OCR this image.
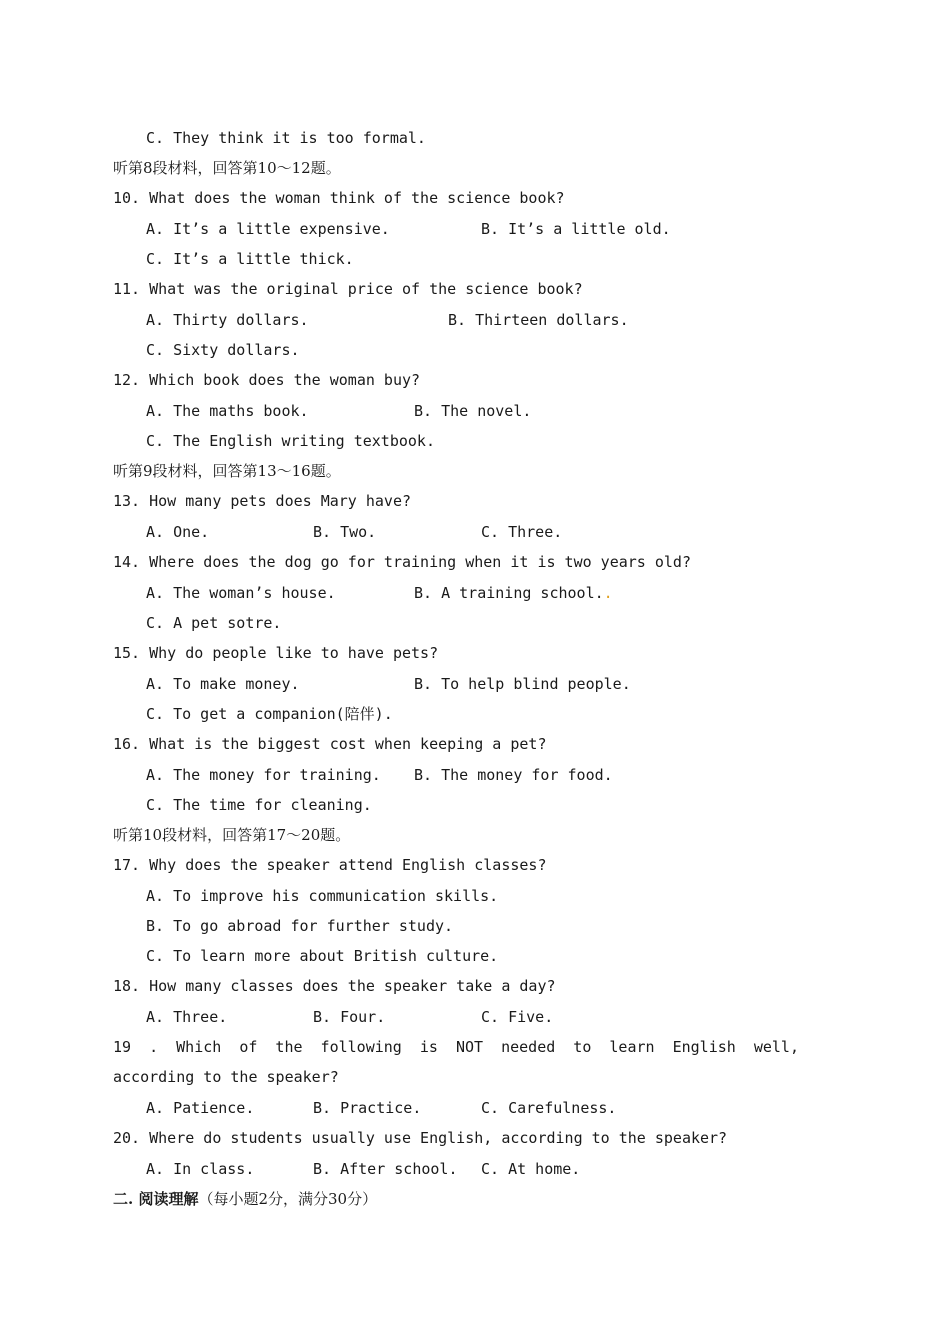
C. They think it is too formal.
听第8段材料，回答第10～12题。
10. What does the woman think of the science book?
A. It’s a little expensive.	B. It’s a little old.
C. It’s a little thick.
11. What was the original price of the science book?
A. Thirty dollars.	B. Thirteen dollars.
C. Sixty dollars.
12. Which book does the woman buy?
A. The maths book.	B. The novel.
C. The English writing textbook.
听第9段材料，回答第13～16题。
13. How many pets does Mary have?
A. One.	B. Two.	C. Three.
14. Where does the dog go for training when it is two years old?
A. The woman’s house.	B. A training school..
C. A pet sotre.
15. Why do people like to have pets?
A. To make money.	B. To help blind people.
C. To get a companion(陪伴).
16. What is the biggest cost when keeping a pet?
A. The money for training. B. The money for food.
C. The time for cleaning.
听第10段材料，回答第17～20题。
17. Why does the speaker attend English classes?
A. To improve his communication skills.
B. To go abroad for further study.
C. To learn more about British culture.
18. How many classes does the speaker take a day?
A. Three.	B. Four.	C. Five.
19 . Which of the following is NOT needed to learn English well,
according to the speaker?
A. Patience.	B. Practice.	C. Carefulness.
20. Where do students usually use English, according to the speaker?
A. In class.	B. After school. C. At home.
二. 阅读理解（每小题2分，满分30分）
